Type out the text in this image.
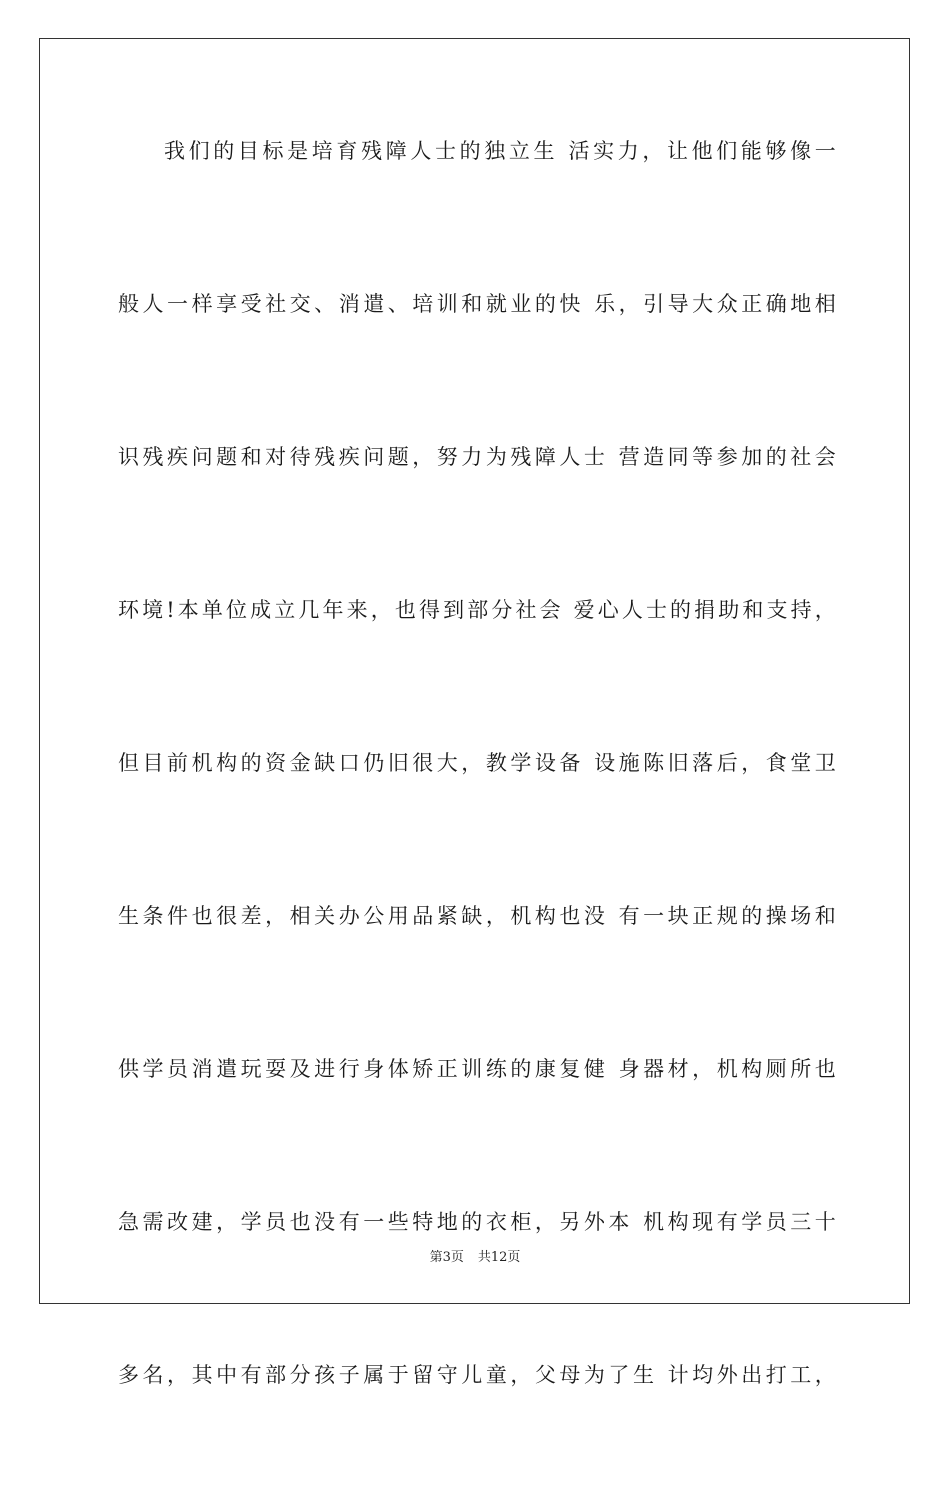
我们的目标是培育残障人士的独立生 活实力，让他们能够像一
般人一样享受社交、消遣、培训和就业的快 乐，引导大众正确地相
识残疾问题和对待残疾问题，努力为残障人士 营造同等参加的社会
环境!本单位成立几年来，也得到部分社会 爱心人士的捐助和支持，
但目前机构的资金缺口仍旧很大，教学设备 设施陈旧落后，食堂卫
生条件也很差，相关办公用品紧缺，机构也没 有一块正规的操场和
供学员消遣玩耍及进行身体矫正训练的康复健 身器材，机构厕所也
急需改建，学员也没有一些特地的衣柜，另外本 机构现有学员三十
多名，其中有部分孩子属于留守儿童，父母为了生 计均外出打工，
第3页 共12页
